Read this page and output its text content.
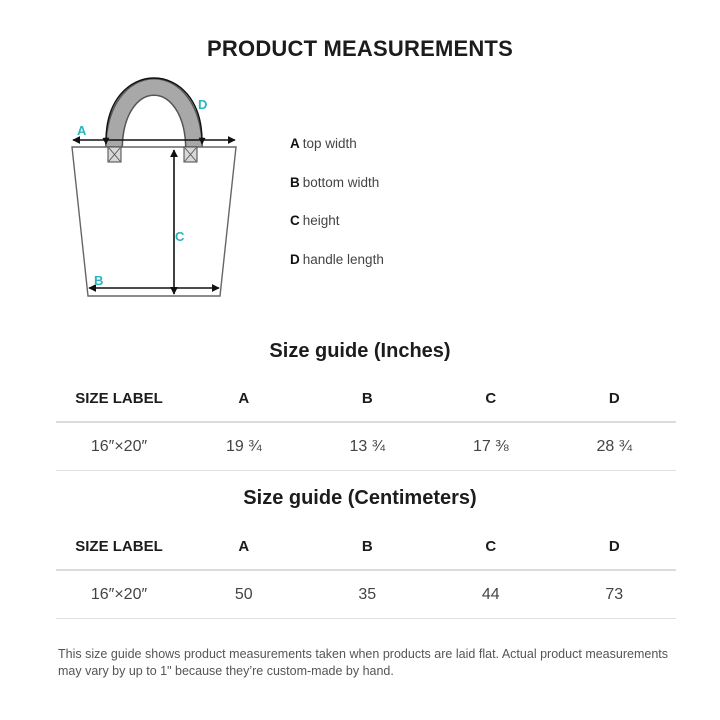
PRODUCT MEASUREMENTS
A
D
C
B
A top width
B bottom width
C height
D handle length
Size guide (Inches)
SIZE LABEL	A	B	C	D
16″×20″	19 ¾	13 ¾	17 ⅜	28 ¾
Size guide (Centimeters)
SIZE LABEL	A	B	C	D
16″×20″	50	35	44	73
This size guide shows product measurements taken when products are laid flat. Actual product measurements may vary by up to 1" because they’re custom-made by hand.
